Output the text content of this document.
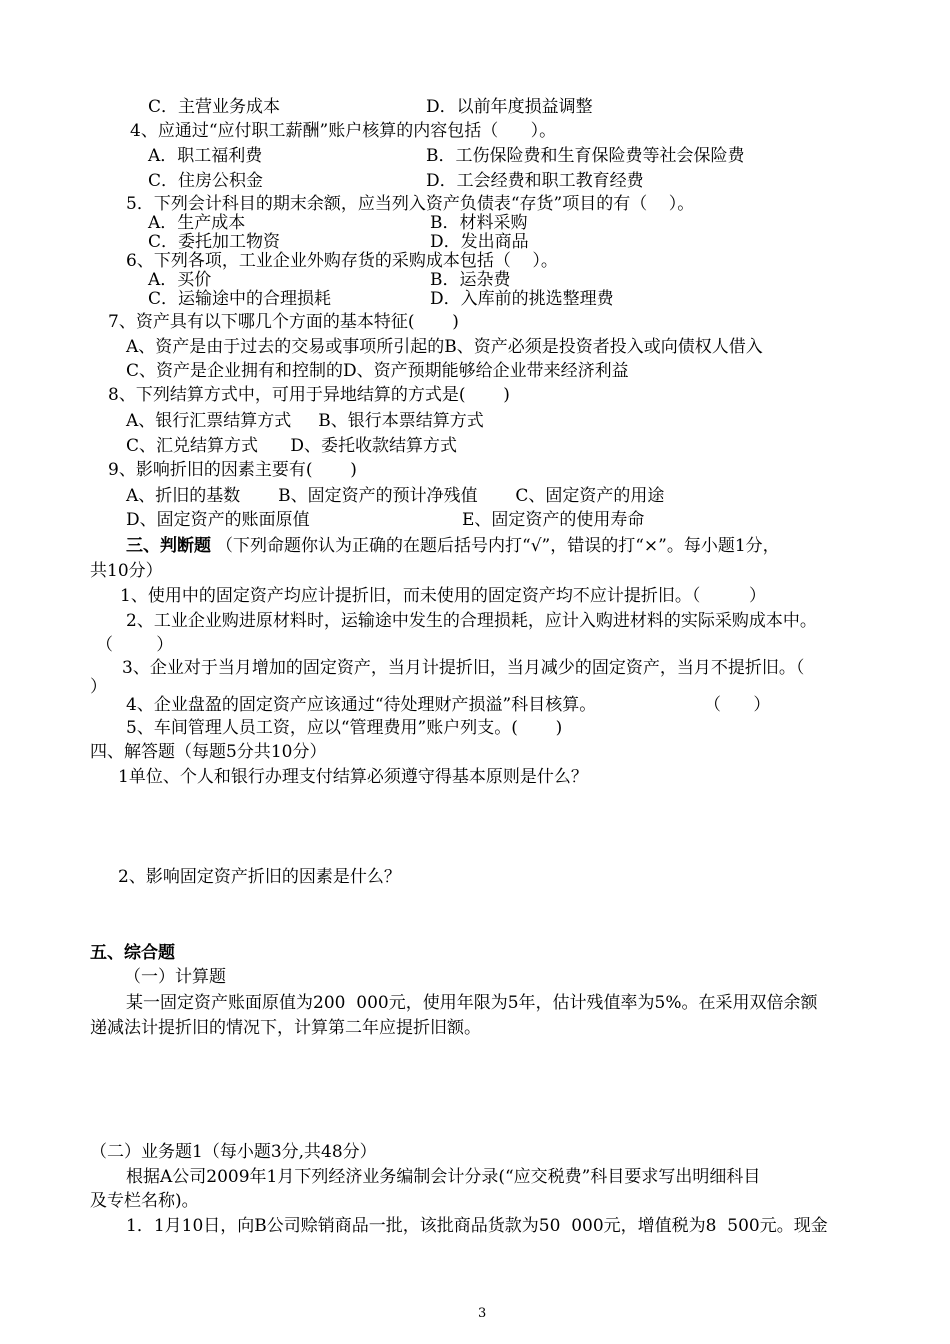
C．主营业务成本	D．以前年度损益调整
4、应通过“应付职工薪酬”账户核算的内容包括（      ）。
A．职工福利费	B．工伤保险费和生育保险费等社会保险费
C．住房公积金	D．工会经费和职工教育经费
5．下列会计科目的期末余额，应当列入资产负债表“存货”项目的有（    ）。
A．生产成本	B．材料采购
C．委托加工物资	D．发出商品
6、下列各项，工业企业外购存货的采购成本包括（    ）。
A．买价	B．运杂费
C．运输途中的合理损耗	D．入库前的挑选整理费
7、资产具有以下哪几个方面的基本特征(       )
A、资产是由于过去的交易或事项所引起的B、资产必须是投资者投入或向债权人借入
C、资产是企业拥有和控制的D、资产预期能够给企业带来经济利益
8、下列结算方式中，可用于异地结算的方式是(       )
A、银行汇票结算方式     B、银行本票结算方式
C、汇兑结算方式      D、委托收款结算方式
9、影响折旧的因素主要有(       )
A、折旧的基数       B、固定资产的预计净残值       C、固定资产的用途
D、固定资产的账面原值	E、固定资产的使用寿命
三、判断题 （下列命题你认为正确的在题后括号内打“√”，错误的打“×”。每小题1分，
共10分）
1、使用中的固定资产均应计提折旧，而未使用的固定资产均不应计提折旧。（         ）
2、工业企业购进原材料时，运输途中发生的合理损耗，应计入购进材料的实际采购成本中。
（        ）
3、企业对于当月增加的固定资产，当月计提折旧，当月减少的固定资产，当月不提折旧。（
）
4、企业盘盈的固定资产应该通过“待处理财产损溢”科目核算。	（      ）
5、车间管理人员工资，应以“管理费用”账户列支。(       )
四、解答题（每题5分共10分）
1单位、个人和银行办理支付结算必须遵守得基本原则是什么？
2、影响固定资产折旧的因素是什么？
五、综合题
（一）计算题
某一固定资产账面原值为200  000元，使用年限为5年，估计残值率为5%。在采用双倍余额
递减法计提折旧的情况下，计算第二年应提折旧额。
（二）业务题1（每小题3分,共48分）
根据A公司2009年1月下列经济业务编制会计分录(“应交税费”科目要求写出明细科目
及专栏名称)。
1．1月10日，向B公司赊销商品一批，该批商品货款为50  000元，增值税为8  500元。现金
3
